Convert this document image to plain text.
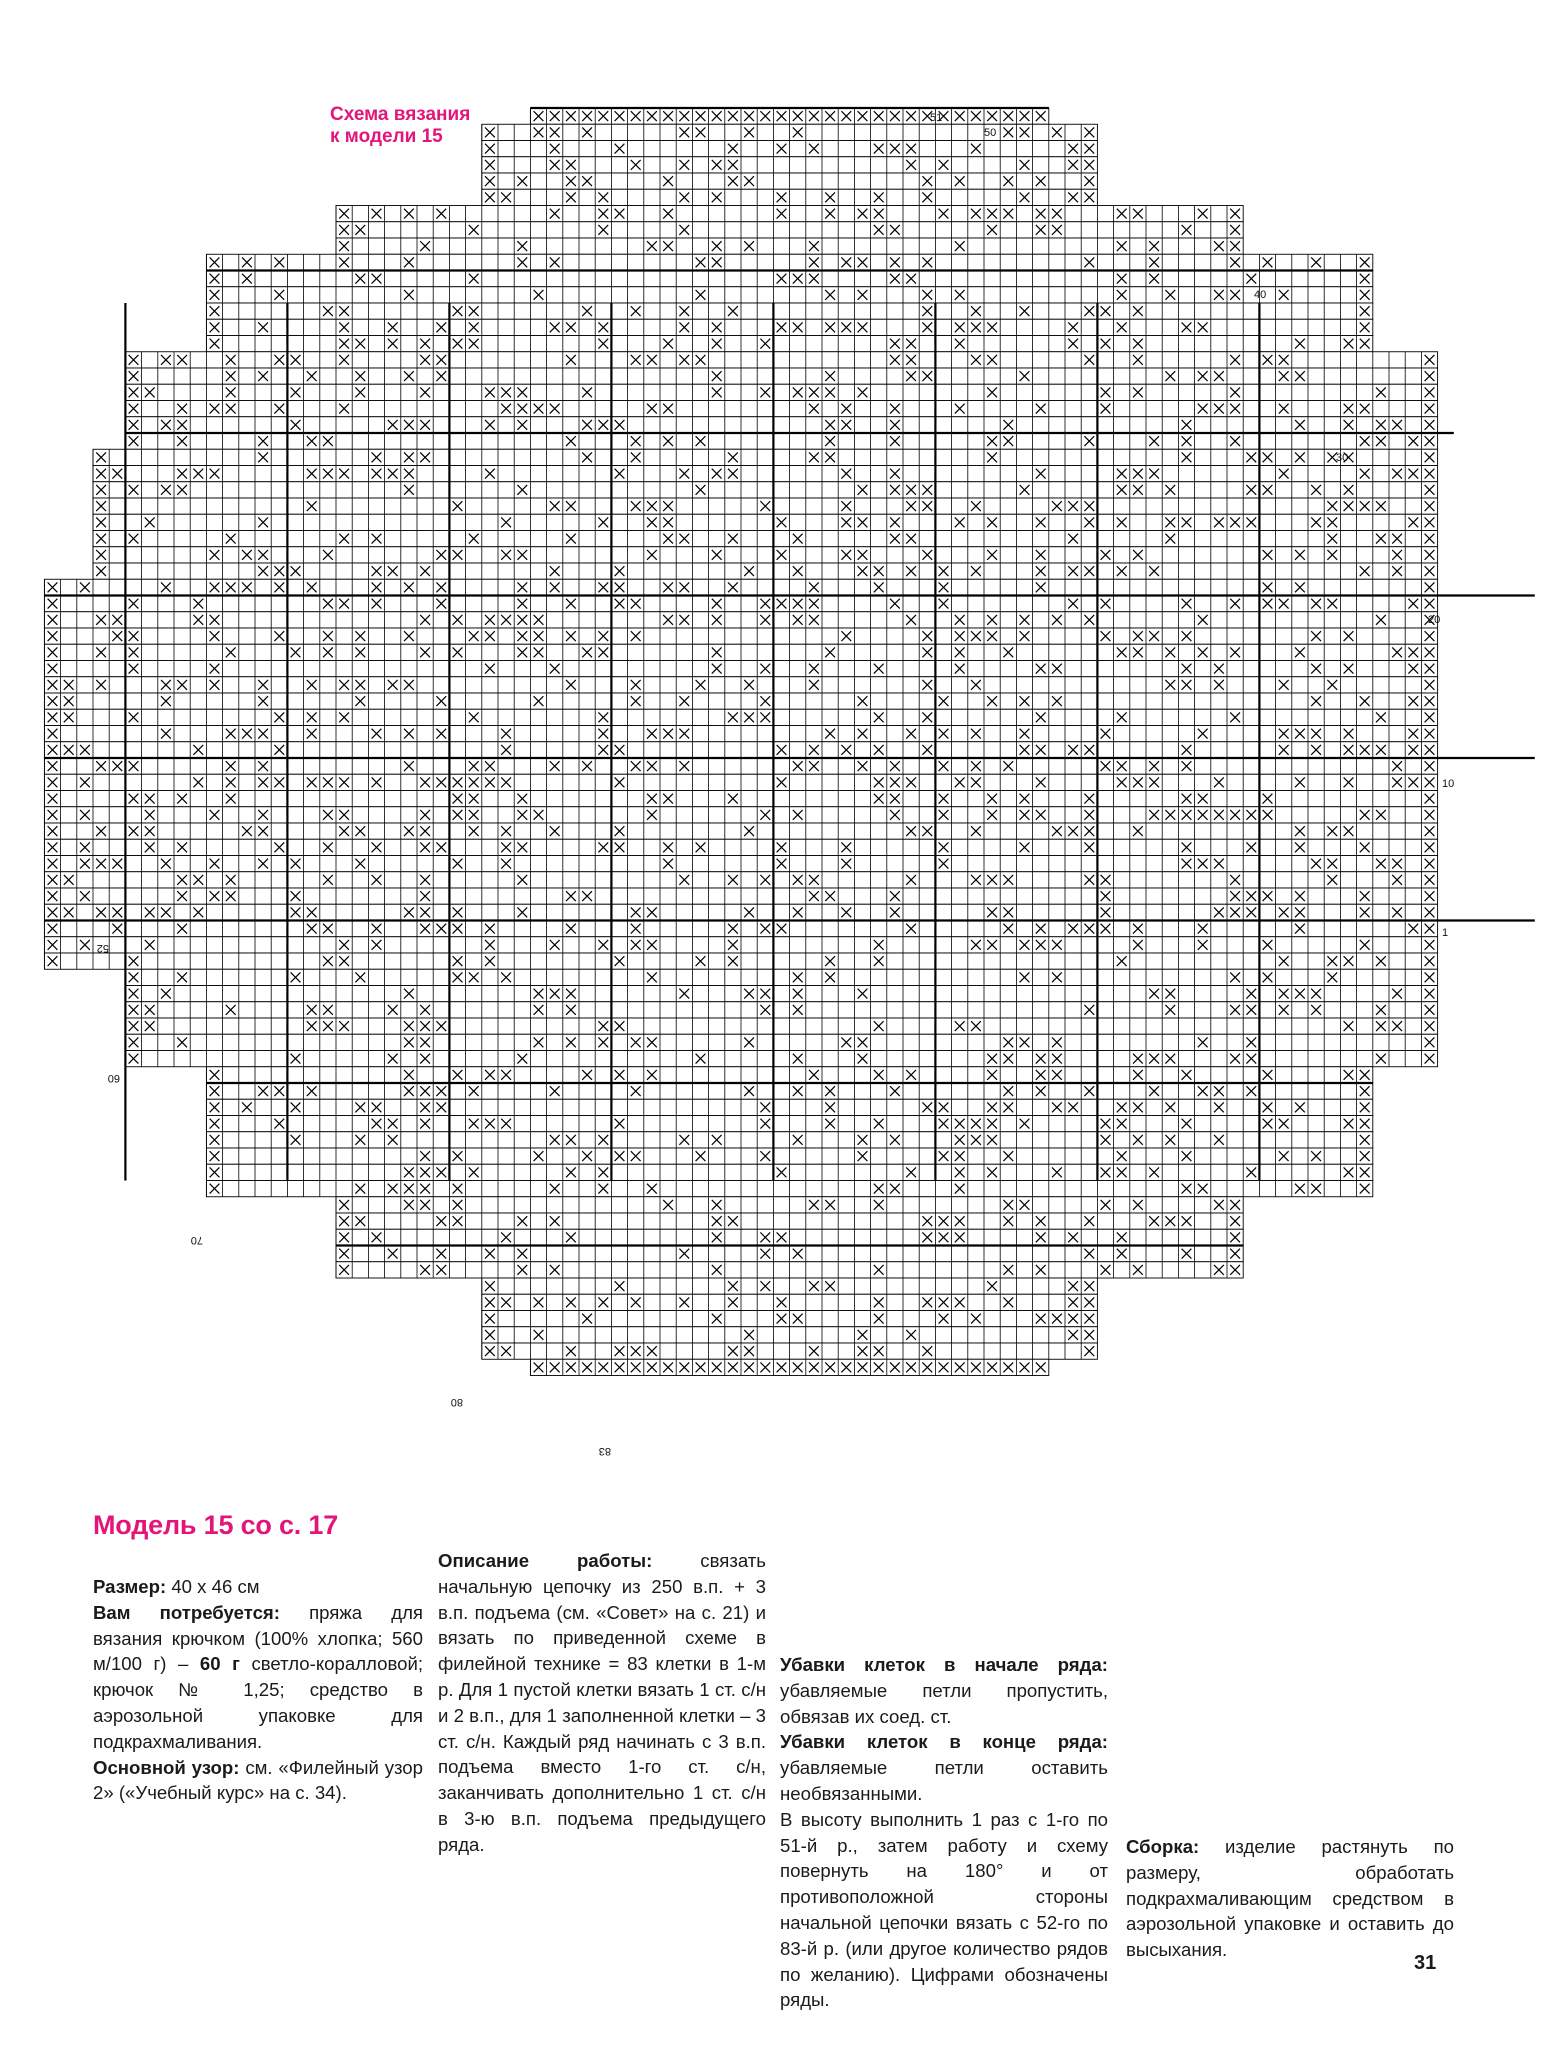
Схема вязания
к модели 15
51
50
40
30
20
10
1
52
60
70
80
83
Модель 15 со с. 17

Размер: 40 х 46 см

Вам потребуется: пряжа для вязания крючком (100% хлопка; 560 м/100 г) – 60 г светло-коралловой; крючок № 1,25; средство в аэрозольной упаковке для подкрахмаливания.

Основной узор: см. «Филейный узор 2» («Учебный курс» на с. 34).

Описание работы:	связать начальную цепочку из 250 в.п. + 3 в.п. подъема (см. «Совет» на с. 21) и вязать по приведенной схеме в филейной технике = 83 клетки в 1-м р. Для 1 пустой клетки вязать 1 ст. с/н и 2 в.п., для 1 заполненной клетки – 3 ст. с/н. Каждый ряд начинать с 3 в.п. подъема вместо 1-го ст. с/н, заканчивать дополнительно 1 ст. с/н в 3-ю в.п. подъема предыдущего ряда.

Убавки клеток в начале ряда: убавляемые петли пропустить, обвязав их соед. ст.

Убавки клеток в конце ряда: убавляемые петли оставить необвязанными.

В высоту выполнить 1 раз с 1-го по 51-й р., затем работу и схему повернуть на 180° и от противоположной стороны начальной цепочки вязать с 52-го по 83-й р. (или другое количество рядов по желанию). Цифрами обозначены ряды.

Сборка: изделие растянуть по размеру, обработать подкрахмаливающим средством в аэрозольной упаковке и оставить до высыхания.

31
